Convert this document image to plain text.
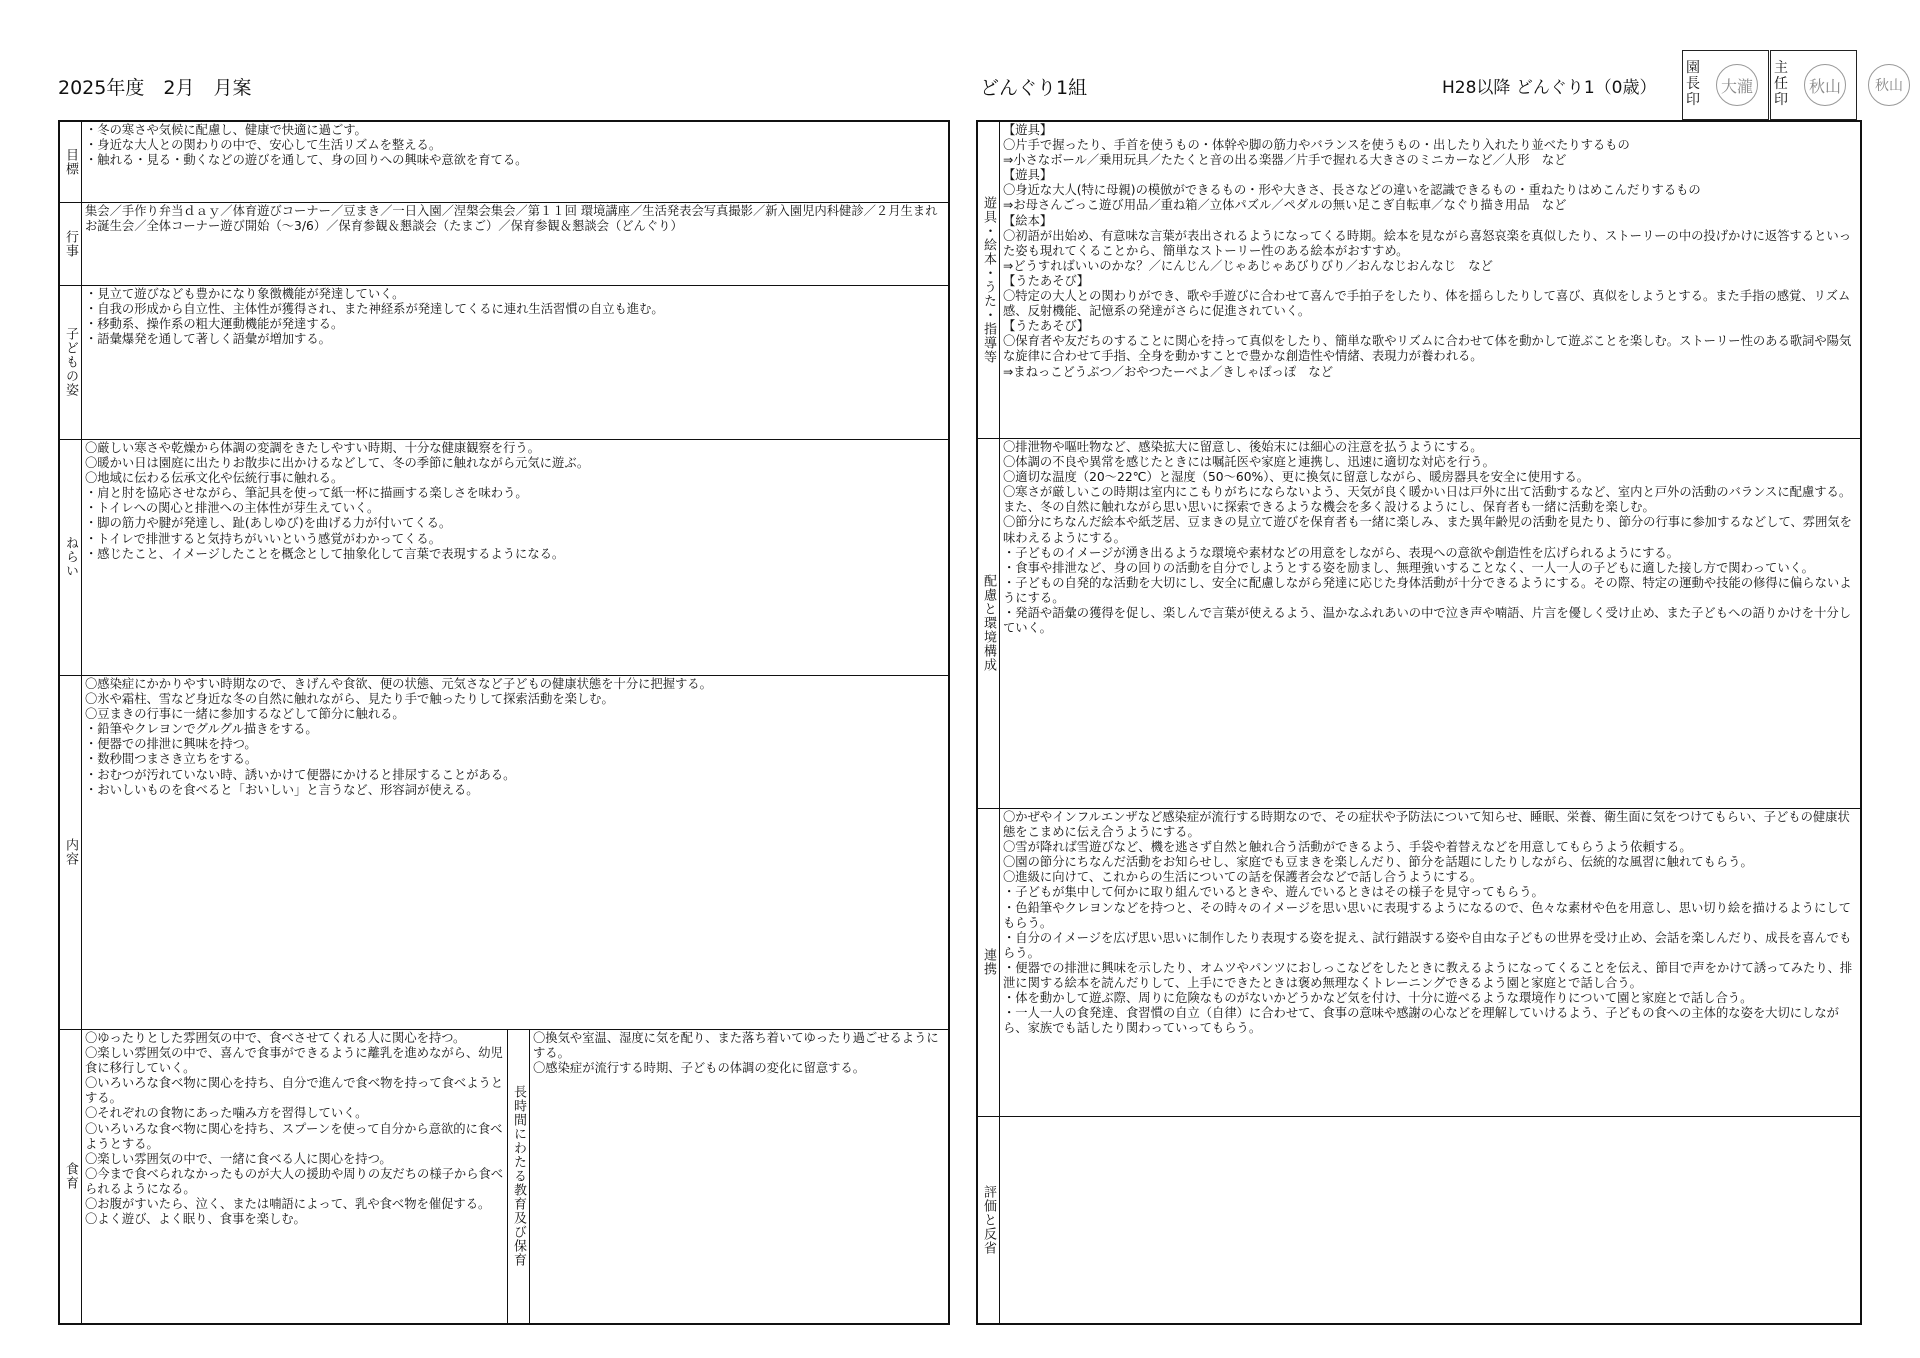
2025年度　2月　月案	どんぐり1組	H28以降 どんぐり1（0歳）
園長印
大瀧
主任印
秋山	秋山
目標
・冬の寒さや気候に配慮し、健康で快適に過ごす。
・身近な大人との関わりの中で、安心して生活リズムを整える。
・触れる・見る・動くなどの遊びを通して、身の回りへの興味や意欲を育てる。
行事
集会／手作り弁当ｄａｙ／体育遊びコーナー／豆まき／一日入園／涅槃会集会／第１１回 環境講座／生活発表会写真撮影／新入園児内科健診／２月生まれお誕生会／全体コーナー遊び開始（～3/6）／保育参観＆懇談会（たまご）／保育参観＆懇談会（どんぐり）
子どもの姿
・見立て遊びなども豊かになり象徴機能が発達していく。
・自我の形成から自立性、主体性が獲得され、また神経系が発達してくるに連れ生活習慣の自立も進む。
・移動系、操作系の粗大運動機能が発達する。
・語彙爆発を通して著しく語彙が増加する。
ねらい
〇厳しい寒さや乾燥から体調の変調をきたしやすい時期、十分な健康観察を行う。
〇暖かい日は園庭に出たりお散歩に出かけるなどして、冬の季節に触れながら元気に遊ぶ。
〇地域に伝わる伝承文化や伝統行事に触れる。
・肩と肘を協応させながら、筆記具を使って紙一杯に描画する楽しさを味わう。
・トイレへの関心と排泄への主体性が芽生えていく。
・脚の筋力や腱が発達し、趾(あしゆび)を曲げる力が付いてくる。
・トイレで排泄すると気持ちがいいという感覚がわかってくる。
・感じたこと、イメージしたことを概念として抽象化して言葉で表現するようになる。
内容
〇感染症にかかりやすい時期なので、きげんや食欲、便の状態、元気さなど子どもの健康状態を十分に把握する。
〇氷や霜柱、雪など身近な冬の自然に触れながら、見たり手で触ったりして探索活動を楽しむ。
〇豆まきの行事に一緒に参加するなどして節分に触れる。
・鉛筆やクレヨンでグルグル描きをする。
・便器での排泄に興味を持つ。
・数秒間つまさき立ちをする。
・おむつが汚れていない時、誘いかけて便器にかけると排尿することがある。
・おいしいものを食べると「おいしい」と言うなど、形容詞が使える。
食育
〇ゆったりとした雰囲気の中で、食べさせてくれる人に関心を持つ。
〇楽しい雰囲気の中で、喜んで食事ができるように離乳を進めながら、幼児食に移行していく。
〇いろいろな食べ物に関心を持ち、自分で進んで食べ物を持って食べようとする。
〇それぞれの食物にあった噛み方を習得していく。
〇いろいろな食べ物に関心を持ち、スプーンを使って自分から意欲的に食べようとする。
〇楽しい雰囲気の中で、一緒に食べる人に関心を持つ。
〇今まで食べられなかったものが大人の援助や周りの友だちの様子から食べられるようになる。
〇お腹がすいたら、泣く、または喃語によって、乳や食べ物を催促する。
〇よく遊び、よく眠り、食事を楽しむ。	長時間にわたる教育及び保育
〇換気や室温、湿度に気を配り、また落ち着いてゆったり過ごせるようにする。
〇感染症が流行する時期、子どもの体調の変化に留意する。
遊具・絵本・うた・指導等
【遊具】
〇片手で握ったり、手首を使うもの・体幹や脚の筋力やバランスを使うもの・出したり入れたり並べたりするもの
⇒小さなボール／乗用玩具／たたくと音の出る楽器／片手で握れる大きさのミニカーなど／人形　など
【遊具】
〇身近な大人(特に母親)の模倣ができるもの・形や大きさ、長さなどの違いを認識できるもの・重ねたりはめこんだりするもの
⇒お母さんごっこ遊び用品／重ね箱／立体パズル／ペダルの無い足こぎ自転車／なぐり描き用品　など
【絵本】
〇初語が出始め、有意味な言葉が表出されるようになってくる時期。絵本を見ながら喜怒哀楽を真似したり、ストーリーの中の投げかけに返答するといった姿も現れてくることから、簡単なストーリー性のある絵本がおすすめ。
⇒どうすればいいのかな？／にんじん／じゃあじゃあびりびり／おんなじおんなじ　など
【うたあそび】
〇特定の大人との関わりができ、歌や手遊びに合わせて喜んで手拍子をしたり、体を揺らしたりして喜び、真似をしようとする。また手指の感覚、リズム感、反射機能、記憶系の発達がさらに促進されていく。
【うたあそび】
〇保育者や友だちのすることに関心を持って真似をしたり、簡単な歌やリズムに合わせて体を動かして遊ぶことを楽しむ。ストーリー性のある歌詞や陽気な旋律に合わせて手指、全身を動かすことで豊かな創造性や情緒、表現力が養われる。
⇒まねっこどうぶつ／おやつたーべよ／きしゃぽっぽ　など
配慮と環境構成
〇排泄物や嘔吐物など、感染拡大に留意し、後始末には細心の注意を払うようにする。
〇体調の不良や異常を感じたときには嘱託医や家庭と連携し、迅速に適切な対応を行う。
〇適切な温度（20～22℃）と湿度（50～60%）、更に換気に留意しながら、暖房器具を安全に使用する。
〇寒さが厳しいこの時期は室内にこもりがちにならないよう、天気が良く暖かい日は戸外に出て活動するなど、室内と戸外の活動のバランスに配慮する。また、冬の自然に触れながら思い思いに探索できるような機会を多く設けるようにし、保育者も一緒に活動を楽しむ。
〇節分にちなんだ絵本や紙芝居、豆まきの見立て遊びを保育者も一緒に楽しみ、また異年齢児の活動を見たり、節分の行事に参加するなどして、雰囲気を味わえるようにする。
・子どものイメージが湧き出るような環境や素材などの用意をしながら、表現への意欲や創造性を広げられるようにする。
・食事や排泄など、身の回りの活動を自分でしようとする姿を励まし、無理強いすることなく、一人一人の子どもに適した接し方で関わっていく。
・子どもの自発的な活動を大切にし、安全に配慮しながら発達に応じた身体活動が十分できるようにする。その際、特定の運動や技能の修得に偏らないようにする。
・発語や語彙の獲得を促し、楽しんで言葉が使えるよう、温かなふれあいの中で泣き声や喃語、片言を優しく受け止め、また子どもへの語りかけを十分していく。
連携
〇かぜやインフルエンザなど感染症が流行する時期なので、その症状や予防法について知らせ、睡眠、栄養、衛生面に気をつけてもらい、子どもの健康状態をこまめに伝え合うようにする。
〇雪が降れば雪遊びなど、機を逃さず自然と触れ合う活動ができるよう、手袋や着替えなどを用意してもらうよう依頼する。
〇園の節分にちなんだ活動をお知らせし、家庭でも豆まきを楽しんだり、節分を話題にしたりしながら、伝統的な風習に触れてもらう。
〇進級に向けて、これからの生活についての話を保護者会などで話し合うようにする。
・子どもが集中して何かに取り組んでいるときや、遊んでいるときはその様子を見守ってもらう。
・色鉛筆やクレヨンなどを持つと、その時々のイメージを思い思いに表現するようになるので、色々な素材や色を用意し、思い切り絵を描けるようにしてもらう。
・自分のイメージを広げ思い思いに制作したり表現する姿を捉え、試行錯誤する姿や自由な子どもの世界を受け止め、会話を楽しんだり、成長を喜んでもらう。
・便器での排泄に興味を示したり、オムツやパンツにおしっこなどをしたときに教えるようになってくることを伝え、節目で声をかけて誘ってみたり、排泄に関する絵本を読んだりして、上手にできたときは褒め無理なくトレーニングできるよう園と家庭とで話し合う。
・体を動かして遊ぶ際、周りに危険なものがないかどうかなど気を付け、十分に遊べるような環境作りについて園と家庭とで話し合う。
・一人一人の食発達、食習慣の自立（自律）に合わせて、食事の意味や感謝の心などを理解していけるよう、子どもの食への主体的な姿を大切にしながら、家族でも話したり関わっていってもらう。
評価と反省
